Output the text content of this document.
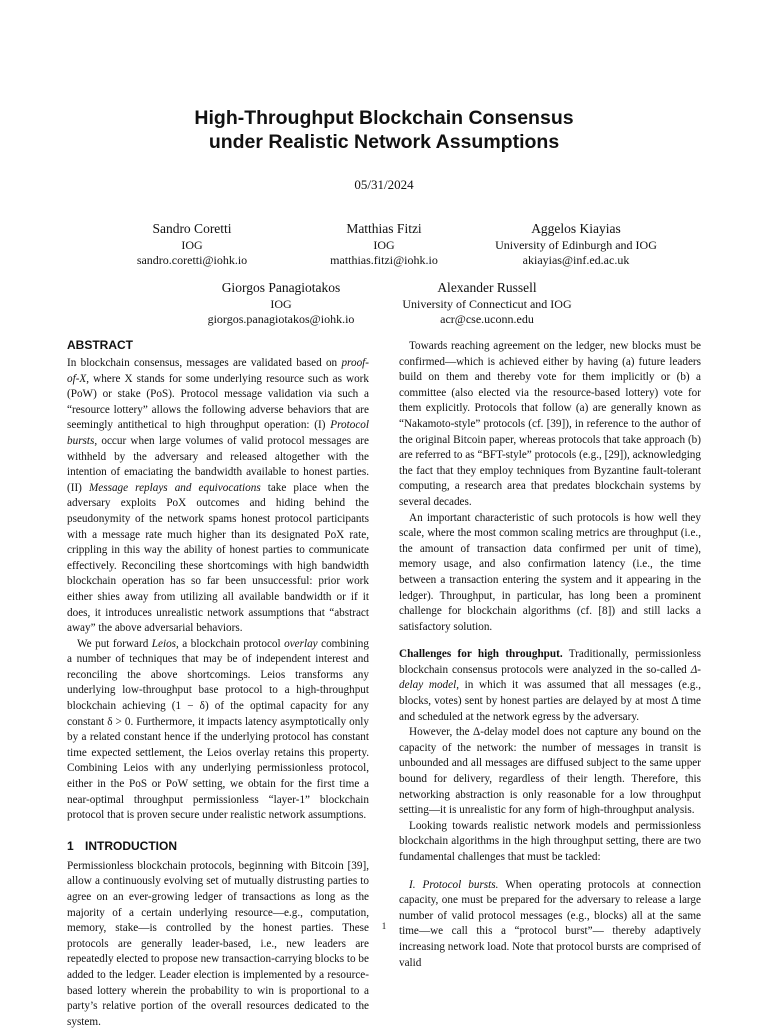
High-Throughput Blockchain Consensus
under Realistic Network Assumptions
05/31/2024
Sandro Coretti
IOG
sandro.coretti@iohk.io
Matthias Fitzi
IOG
matthias.fitzi@iohk.io
Aggelos Kiayias
University of Edinburgh and IOG
akiayias@inf.ed.ac.uk
Giorgos Panagiotakos
IOG
giorgos.panagiotakos@iohk.io
Alexander Russell
University of Connecticut and IOG
acr@cse.uconn.edu
ABSTRACT

In blockchain consensus, messages are validated based on proof-of-X, where X stands for some underlying resource such as work (PoW) or stake (PoS). Protocol message validation via such a “resource lottery” allows the following adverse behaviors that are seemingly antithetical to high throughput operation: (I) Protocol bursts, occur when large volumes of valid protocol messages are withheld by the adversary and released altogether with the intention of emaciating the bandwidth available to honest parties. (II) Message replays and equivocations take place when the adversary exploits PoX outcomes and hiding behind the pseudonymity of the network spams honest protocol participants with a message rate much higher than its designated PoX rate, crippling in this way the ability of honest parties to communicate effectively. Reconciling these shortcomings with high bandwidth blockchain operation has so far been unsuccessful: prior work either shies away from utilizing all available bandwidth or if it does, it introduces unrealistic network assumptions that “abstract away” the above adversarial behaviors.

We put forward Leios, a blockchain protocol overlay combining a number of techniques that may be of independent interest and reconciling the above shortcomings. Leios transforms any underlying low-throughput base protocol to a high-throughput blockchain achieving (1 − δ) of the optimal capacity for any constant δ > 0. Furthermore, it impacts latency asymptotically only by a related constant hence if the underlying protocol has constant time expected settlement, the Leios overlay retains this property. Combining Leios with any underlying permissionless protocol, either in the PoS or PoW setting, we obtain for the first time a near-optimal throughput permissionless “layer-1” blockchain protocol that is proven secure under realistic network assumptions.

1 INTRODUCTION

Permissionless blockchain protocols, beginning with Bitcoin [39], allow a continuously evolving set of mutually distrusting parties to agree on an ever-growing ledger of transactions as long as the majority of a certain underlying resource—e.g., computation, memory, stake—is controlled by the honest parties. These protocols are generally leader-based, i.e., new leaders are repeatedly elected to propose new transaction-carrying blocks to be added to the ledger. Leader election is implemented by a resource-based lottery wherein the probability to win is proportional to a party’s relative portion of the overall resources dedicated to the system.

Towards reaching agreement on the ledger, new blocks must be confirmed—which is achieved either by having (a) future leaders build on them and thereby vote for them implicitly or (b) a committee (also elected via the resource-based lottery) vote for them explicitly. Protocols that follow (a) are generally known as “Nakamoto-style” protocols (cf. [39]), in reference to the author of the original Bitcoin paper, whereas protocols that take approach (b) are referred to as “BFT-style” protocols (e.g., [29]), acknowledging the fact that they employ techniques from Byzantine fault-tolerant computing, a research area that predates blockchain systems by several decades.

An important characteristic of such protocols is how well they scale, where the most common scaling metrics are throughput (i.e., the amount of transaction data confirmed per unit of time), memory usage, and also confirmation latency (i.e., the time between a transaction entering the system and it appearing in the ledger). Throughput, in particular, has long been a prominent challenge for blockchain algorithms (cf. [8]) and still lacks a satisfactory solution.

Challenges for high throughput. Traditionally, permissionless blockchain consensus protocols were analyzed in the so-called Δ-delay model, in which it was assumed that all messages (e.g., blocks, votes) sent by honest parties are delayed by at most Δ time and scheduled at the network egress by the adversary.

However, the Δ-delay model does not capture any bound on the capacity of the network: the number of messages in transit is unbounded and all messages are diffused subject to the same upper bound for delivery, regardless of their length. Therefore, this networking abstraction is only reasonable for a low throughput setting—it is unrealistic for any form of high-throughput analysis.

Looking towards realistic network models and permissionless blockchain algorithms in the high throughput setting, there are two fundamental challenges that must be tackled:

I. Protocol bursts. When operating protocols at connection capacity, one must be prepared for the adversary to release a large number of valid protocol messages (e.g., blocks) all at the same time—we call this a “protocol burst”— thereby adaptively increasing network load. Note that protocol bursts are comprised of valid

1
